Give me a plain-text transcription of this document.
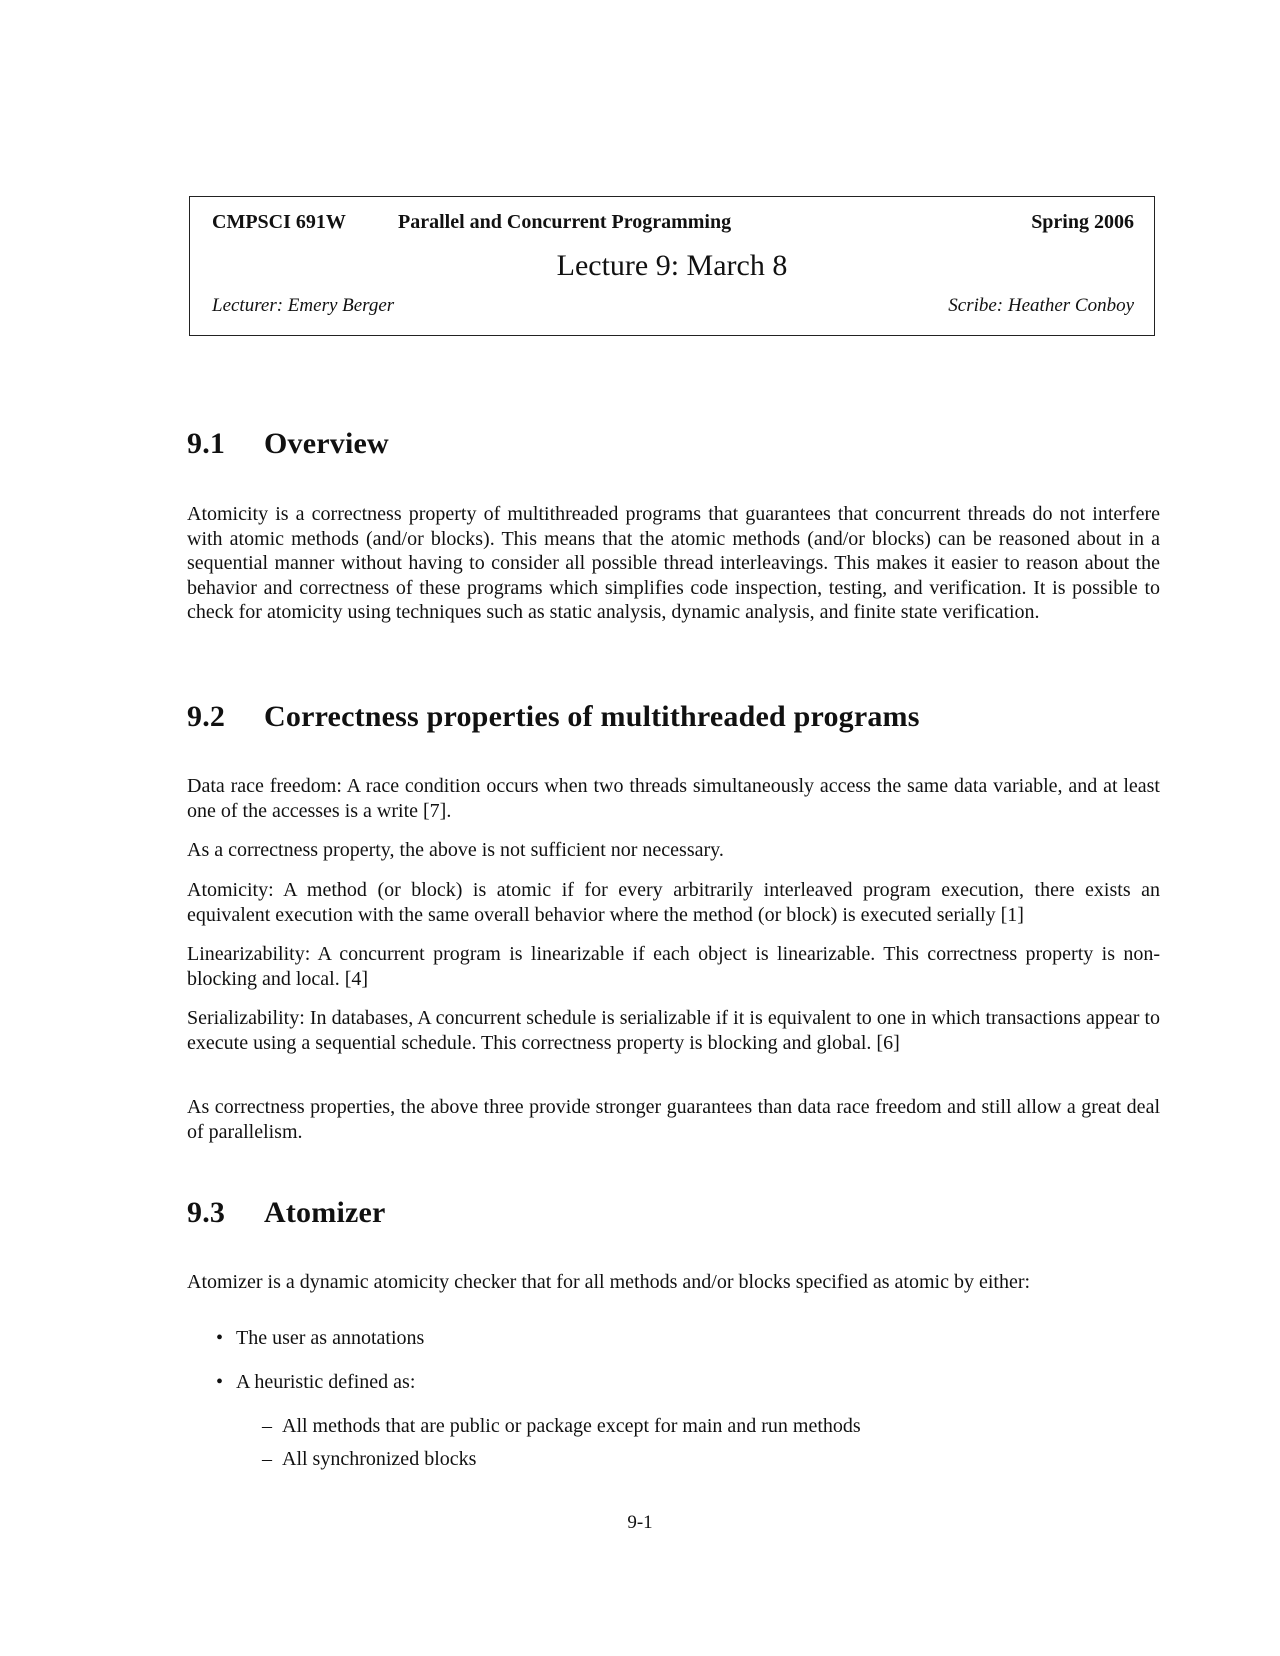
CMPSCI 691W	Parallel and Concurrent Programming	Spring 2006
Lecture 9: March 8
Lecturer: Emery Berger	Scribe: Heather Conboy
9.1 Overview

Atomicity is a correctness property of multithreaded programs that guarantees that concurrent threads do not interfere with atomic methods (and/or blocks). This means that the atomic methods (and/or blocks) can be reasoned about in a sequential manner without having to consider all possible thread interleavings. This makes it easier to reason about the behavior and correctness of these programs which simplifies code inspection, testing, and verification. It is possible to check for atomicity using techniques such as static analysis, dynamic analysis, and finite state verification.

9.2 Correctness properties of multithreaded programs

Data race freedom: A race condition occurs when two threads simultaneously access the same data variable, and at least one of the accesses is a write [7].

As a correctness property, the above is not sufficient nor necessary.

Atomicity: A method (or block) is atomic if for every arbitrarily interleaved program execution, there exists an equivalent execution with the same overall behavior where the method (or block) is executed serially [1]

Linearizability: A concurrent program is linearizable if each object is linearizable. This correctness property is non-blocking and local. [4]

Serializability: In databases, A concurrent schedule is serializable if it is equivalent to one in which transactions appear to execute using a sequential schedule. This correctness property is blocking and global. [6]

As correctness properties, the above three provide stronger guarantees than data race freedom and still allow a great deal of parallelism.

9.3 Atomizer

Atomizer is a dynamic atomicity checker that for all methods and/or blocks specified as atomic by either:

• The user as annotations
• A heuristic defined as:
– All methods that are public or package except for main and run methods
– All synchronized blocks
9-1
